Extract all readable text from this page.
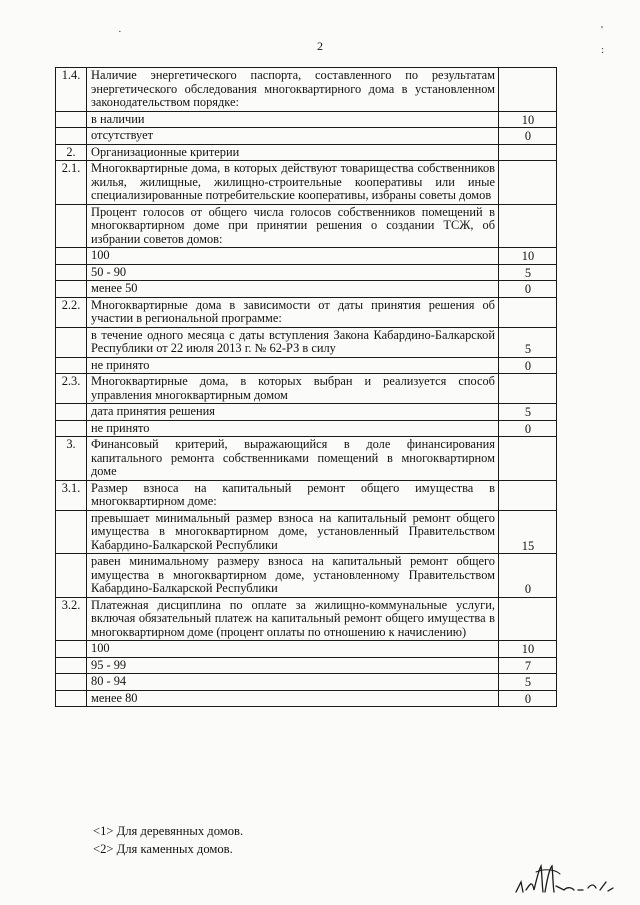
2
·	'
:
1.4.	Наличие энергетического паспорта, составленного по результатам энергетического обследования многоквартирного дома в установленном законодательством порядке:	
	в наличии	10
	отсутствует	0
2.	Организационные критерии	
2.1.	Многоквартирные дома, в которых действуют товарищества собственников жилья, жилищные, жилищно-строительные кооперативы или иные специализированные потребительские кооперативы, избраны советы домов	
	Процент голосов от общего числа голосов собственников помещений в многоквартирном доме при принятии решения о создании ТСЖ, об избрании советов домов:	
	100	10
	50 - 90	5
	менее 50	0
2.2.	Многоквартирные дома в зависимости от даты принятия решения об участии в региональной программе:	
	в течение одного месяца с даты вступления Закона Кабардино-Балкарской Республики от 22 июля 2013 г. № 62-РЗ в силу	5
	не принято	0
2.3.	Многоквартирные дома, в которых выбран и реализуется способ управления многоквартирным домом	
	дата принятия решения	5
	не принято	0
3.	Финансовый критерий, выражающийся в доле финансирования капитального ремонта собственниками помещений в многоквартирном доме	
3.1.	Размер взноса на капитальный ремонт общего имущества в многоквартирном доме:	
	превышает минимальный размер взноса на капитальный ремонт общего имущества в многоквартирном доме, установленный Правительством Кабардино-Балкарской Республики	15
	равен минимальному размеру взноса на капитальный ремонт общего имущества в многоквартирном доме, установленному Правительством Кабардино-Балкарской Республики	0
3.2.	Платежная дисциплина по оплате за жилищно-коммунальные услуги, включая обязательный платеж на капитальный ремонт общего имущества в многоквартирном доме (процент оплаты по отношению к начислению)	
	100	10
	95 - 99	7
	80 - 94	5
	менее 80	0
<1> Для деревянных домов.
<2> Для каменных домов.
